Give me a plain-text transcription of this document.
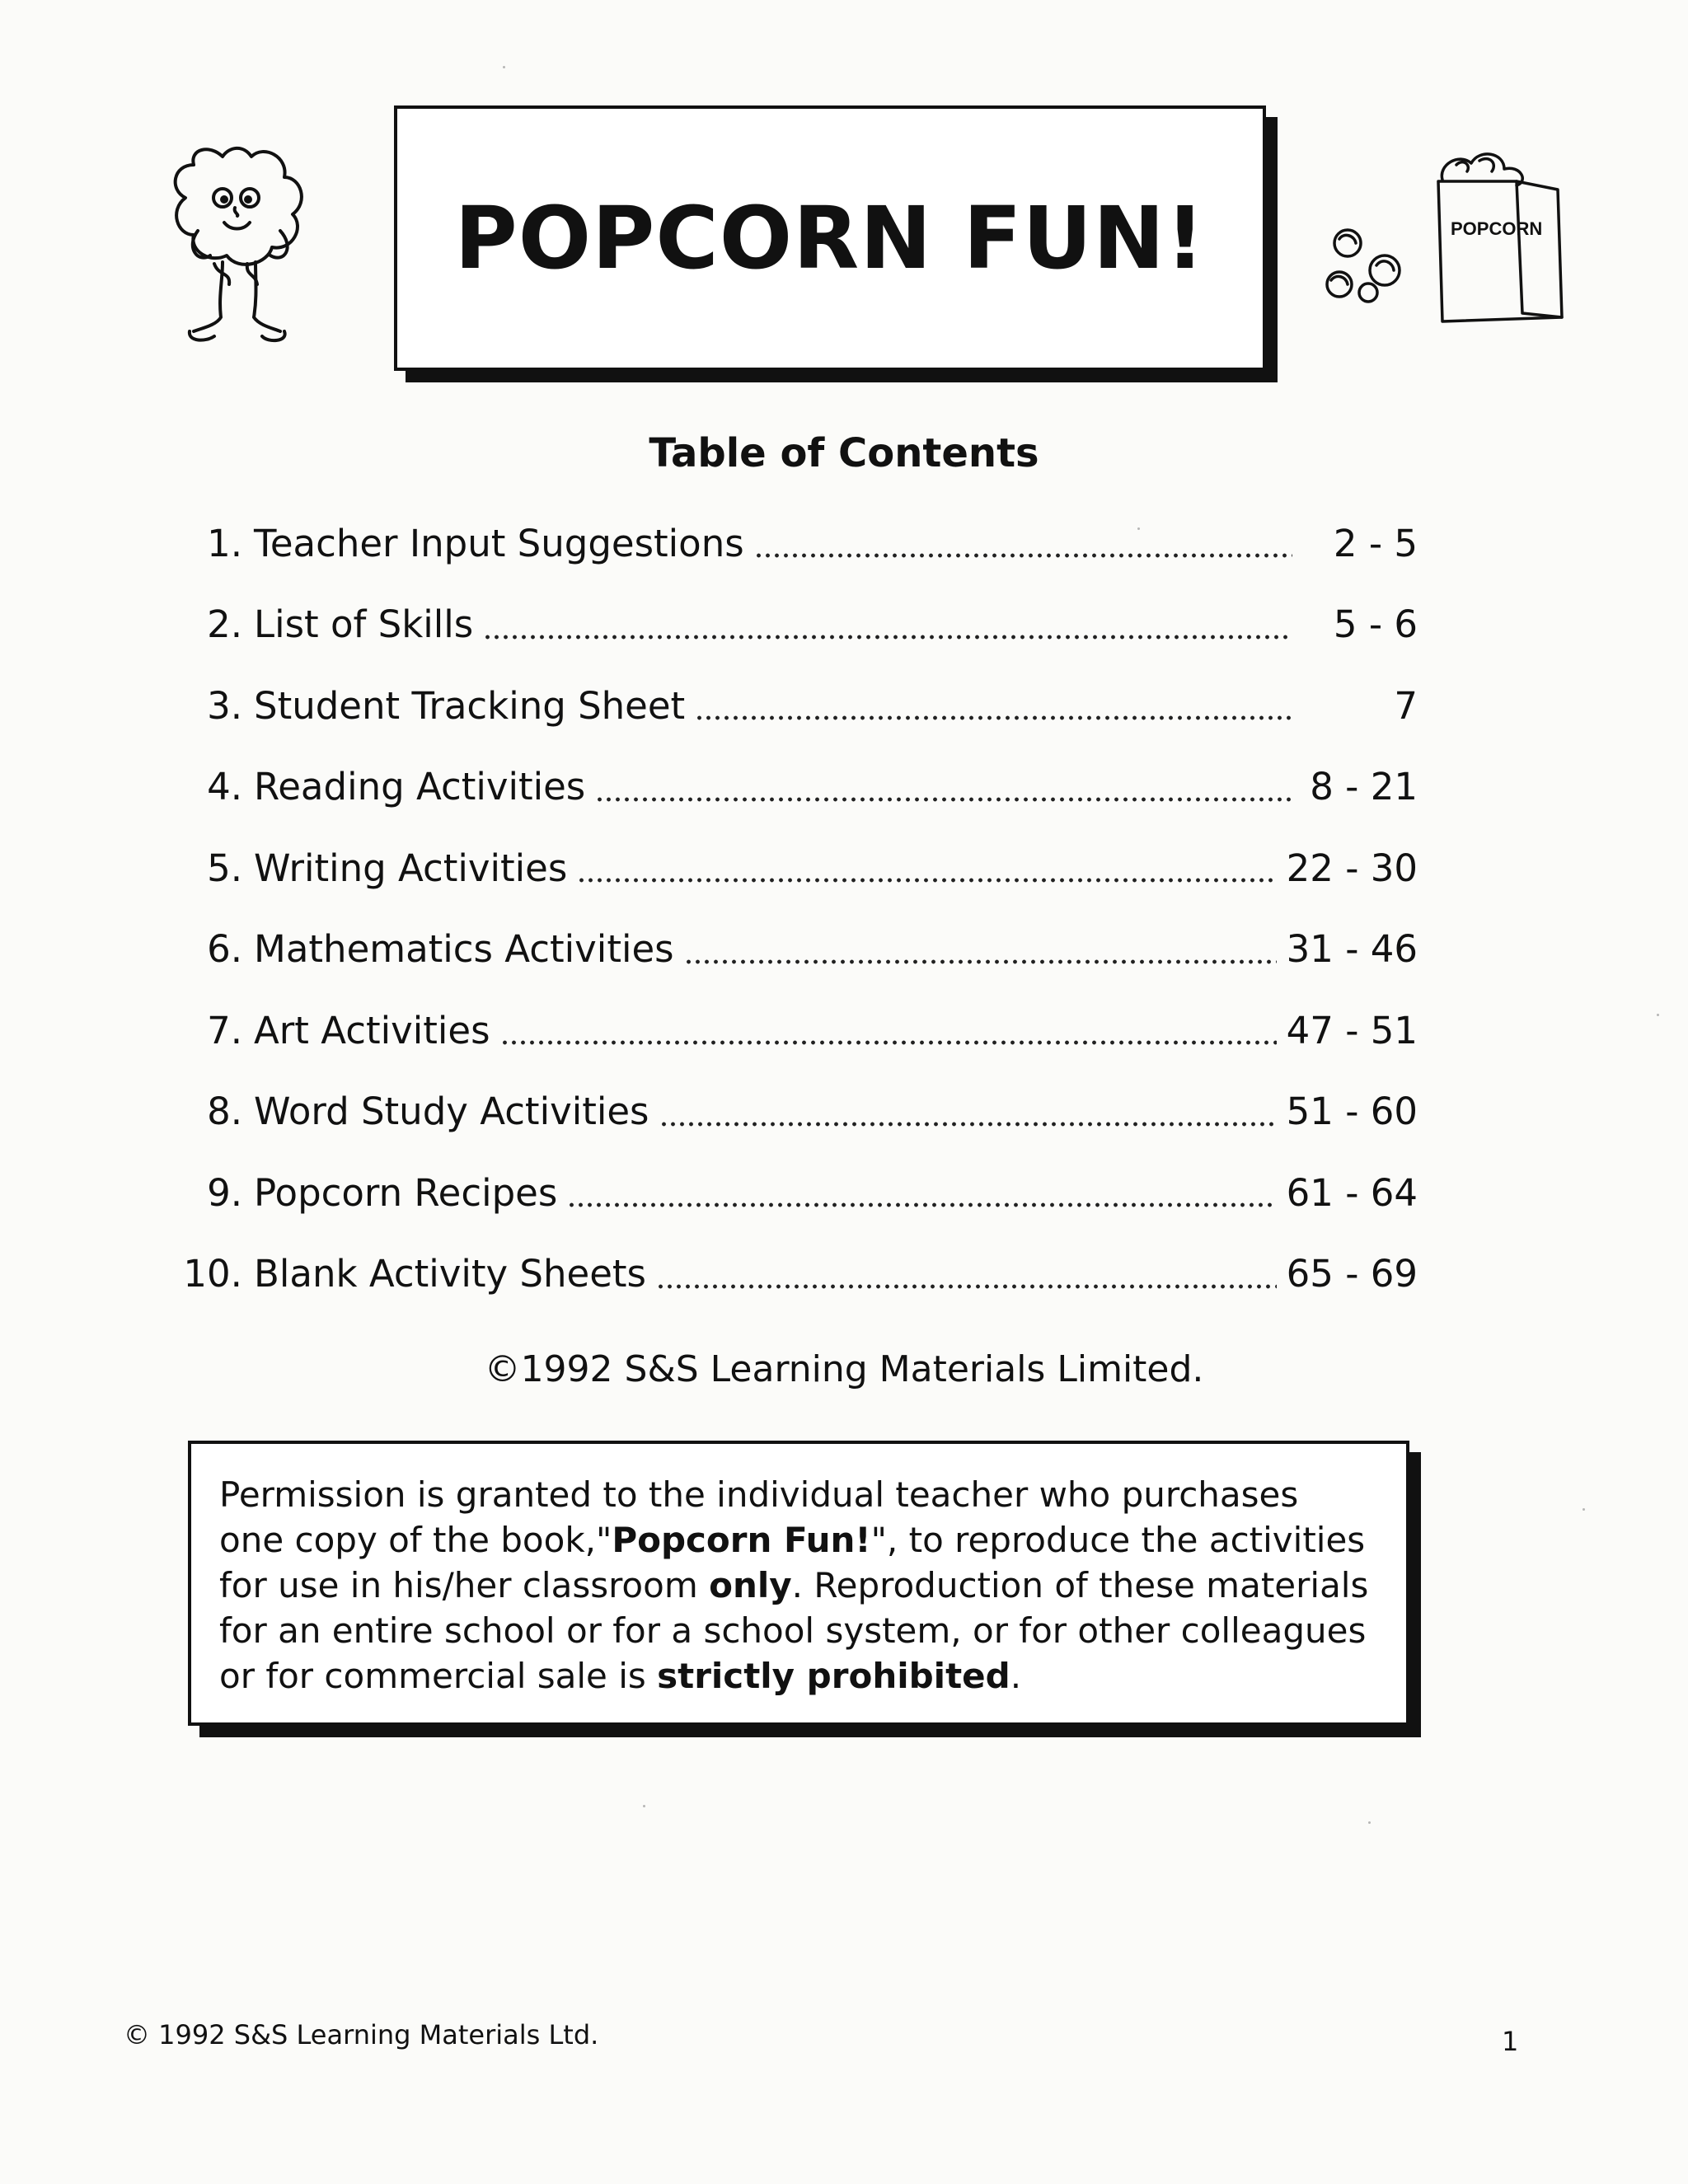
POPCORN
POPCORN FUN!
Table of Contents
1. Teacher Input Suggestions	2 - 5
2. List of Skills	5 - 6
3. Student Tracking Sheet	7
4. Reading Activities	8 - 21
5. Writing Activities	22 - 30
6. Mathematics Activities	31 - 46
7. Art Activities	47 - 51
8. Word Study Activities	51 - 60
9. Popcorn Recipes	61 - 64
10. Blank Activity Sheets	65 - 69
©1992 S&S Learning Materials Limited.
Permission is granted to the individual teacher who purchases
one copy of the book,"Popcorn Fun!", to reproduce the activities
for use in his/her classroom only. Reproduction of these materials
for an entire school or for a school system, or for other colleagues
or for commercial sale is strictly prohibited.
© 1992 S&S Learning Materials Ltd.	1
